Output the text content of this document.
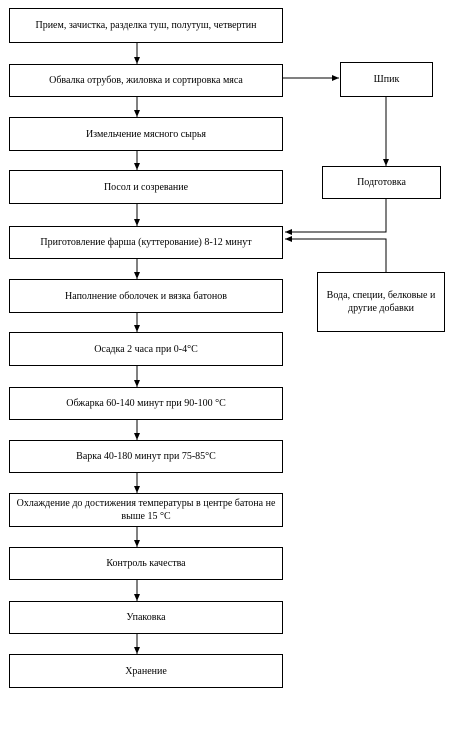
Прием, зачистка, разделка туш, полутуш, четвертин
Обвалка отрубов, жиловка и сортировка мяса
Измельчение мясного сырья
Посол и созревание
Приготовление фарша (куттерование) 8-12 минут
Наполнение оболочек и вязка батонов
Осадка 2 часа при 0-4°C
Обжарка 60-140 минут при 90-100 °C
Варка 40-180 минут при 75-85°C
Охлаждение до достижения температуры в центре батона не выше 15 °C
Контроль качества
Упаковка
Хранение
Шпик
Подготовка
Вода, специи, белковые и другие добавки
